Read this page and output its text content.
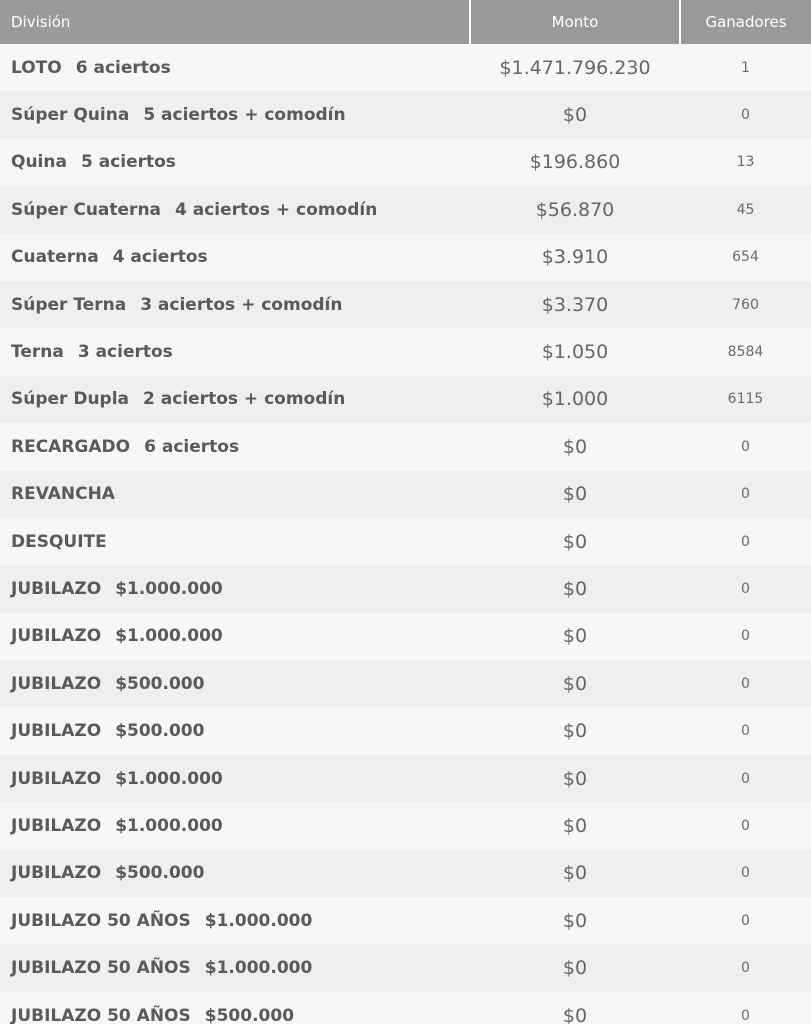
División	Monto	Ganadores
LOTO 6 aciertos	$1.471.796.230	1
Súper Quina 5 aciertos + comodín	$0	0
Quina 5 aciertos	$196.860	13
Súper Cuaterna 4 aciertos + comodín	$56.870	45
Cuaterna 4 aciertos	$3.910	654
Súper Terna 3 aciertos + comodín	$3.370	760
Terna 3 aciertos	$1.050	8584
Súper Dupla 2 aciertos + comodín	$1.000	6115
RECARGADO 6 aciertos	$0	0
REVANCHA	$0	0
DESQUITE	$0	0
JUBILAZO $1.000.000	$0	0
JUBILAZO $1.000.000	$0	0
JUBILAZO $500.000	$0	0
JUBILAZO $500.000	$0	0
JUBILAZO $1.000.000	$0	0
JUBILAZO $1.000.000	$0	0
JUBILAZO $500.000	$0	0
JUBILAZO 50 AÑOS $1.000.000	$0	0
JUBILAZO 50 AÑOS $1.000.000	$0	0
JUBILAZO 50 AÑOS $500.000	$0	0
